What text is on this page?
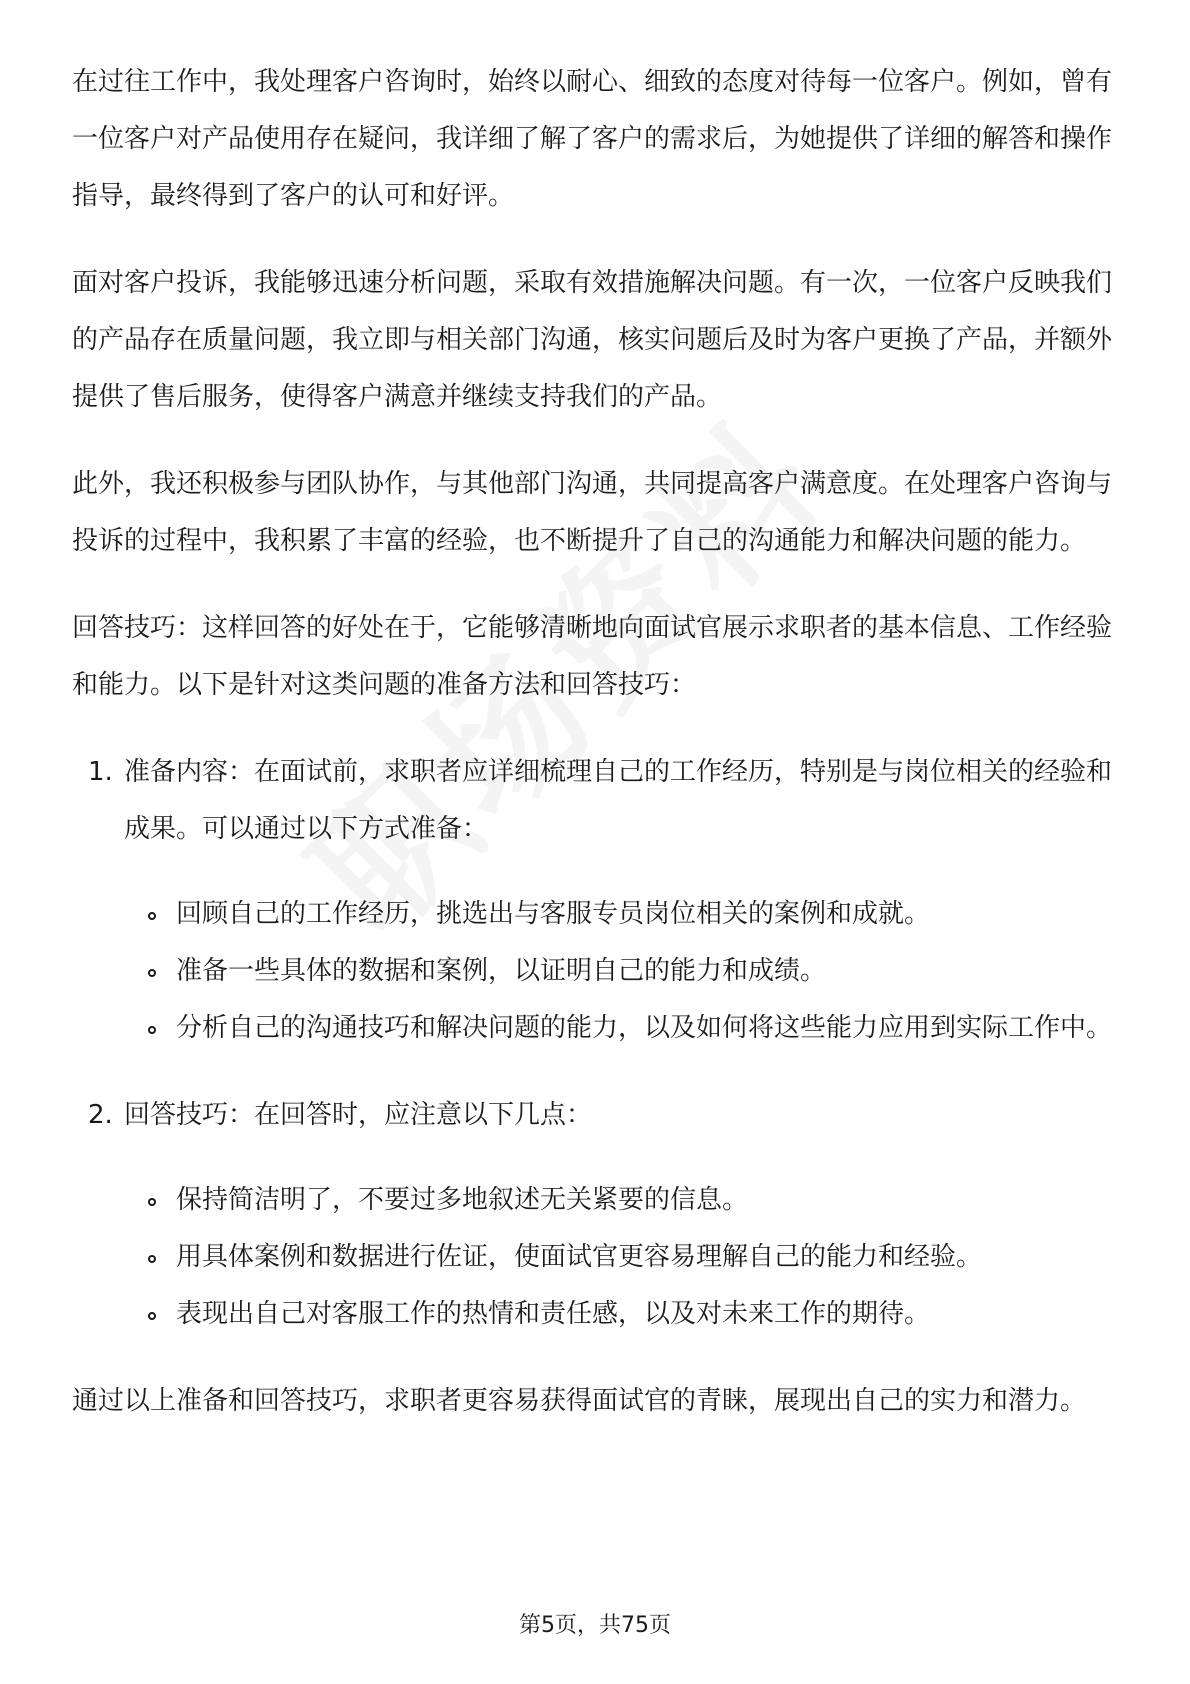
在过往工作中，我处理客户咨询时，始终以耐心、细致的态度对待每一位客户。例如，曾有一位客户对产品使用存在疑问，我详细了解了客户的需求后，为她提供了详细的解答和操作指导，最终得到了客户的认可和好评。

面对客户投诉，我能够迅速分析问题，采取有效措施解决问题。有一次，一位客户反映我们的产品存在质量问题，我立即与相关部门沟通，核实问题后及时为客户更换了产品，并额外提供了售后服务，使得客户满意并继续支持我们的产品。

此外，我还积极参与团队协作，与其他部门沟通，共同提高客户满意度。在处理客户咨询与投诉的过程中，我积累了丰富的经验，也不断提升了自己的沟通能力和解决问题的能力。

回答技巧：这样回答的好处在于，它能够清晰地向面试官展示求职者的基本信息、工作经验和能力。以下是针对这类问题的准备方法和回答技巧：

1. 准备内容：在面试前，求职者应详细梳理自己的工作经历，特别是与岗位相关的经验和成果。可以通过以下方式准备：

回顾自己的工作经历，挑选出与客服专员岗位相关的案例和成就。
准备一些具体的数据和案例，以证明自己的能力和成绩。
分析自己的沟通技巧和解决问题的能力，以及如何将这些能力应用到实际工作中。
2. 回答技巧：在回答时，应注意以下几点：

保持简洁明了，不要过多地叙述无关紧要的信息。
用具体案例和数据进行佐证，使面试官更容易理解自己的能力和经验。
表现出自己对客服工作的热情和责任感，以及对未来工作的期待。

通过以上准备和回答技巧，求职者更容易获得面试官的青睐，展现出自己的实力和潜力。

第5页，共75页
